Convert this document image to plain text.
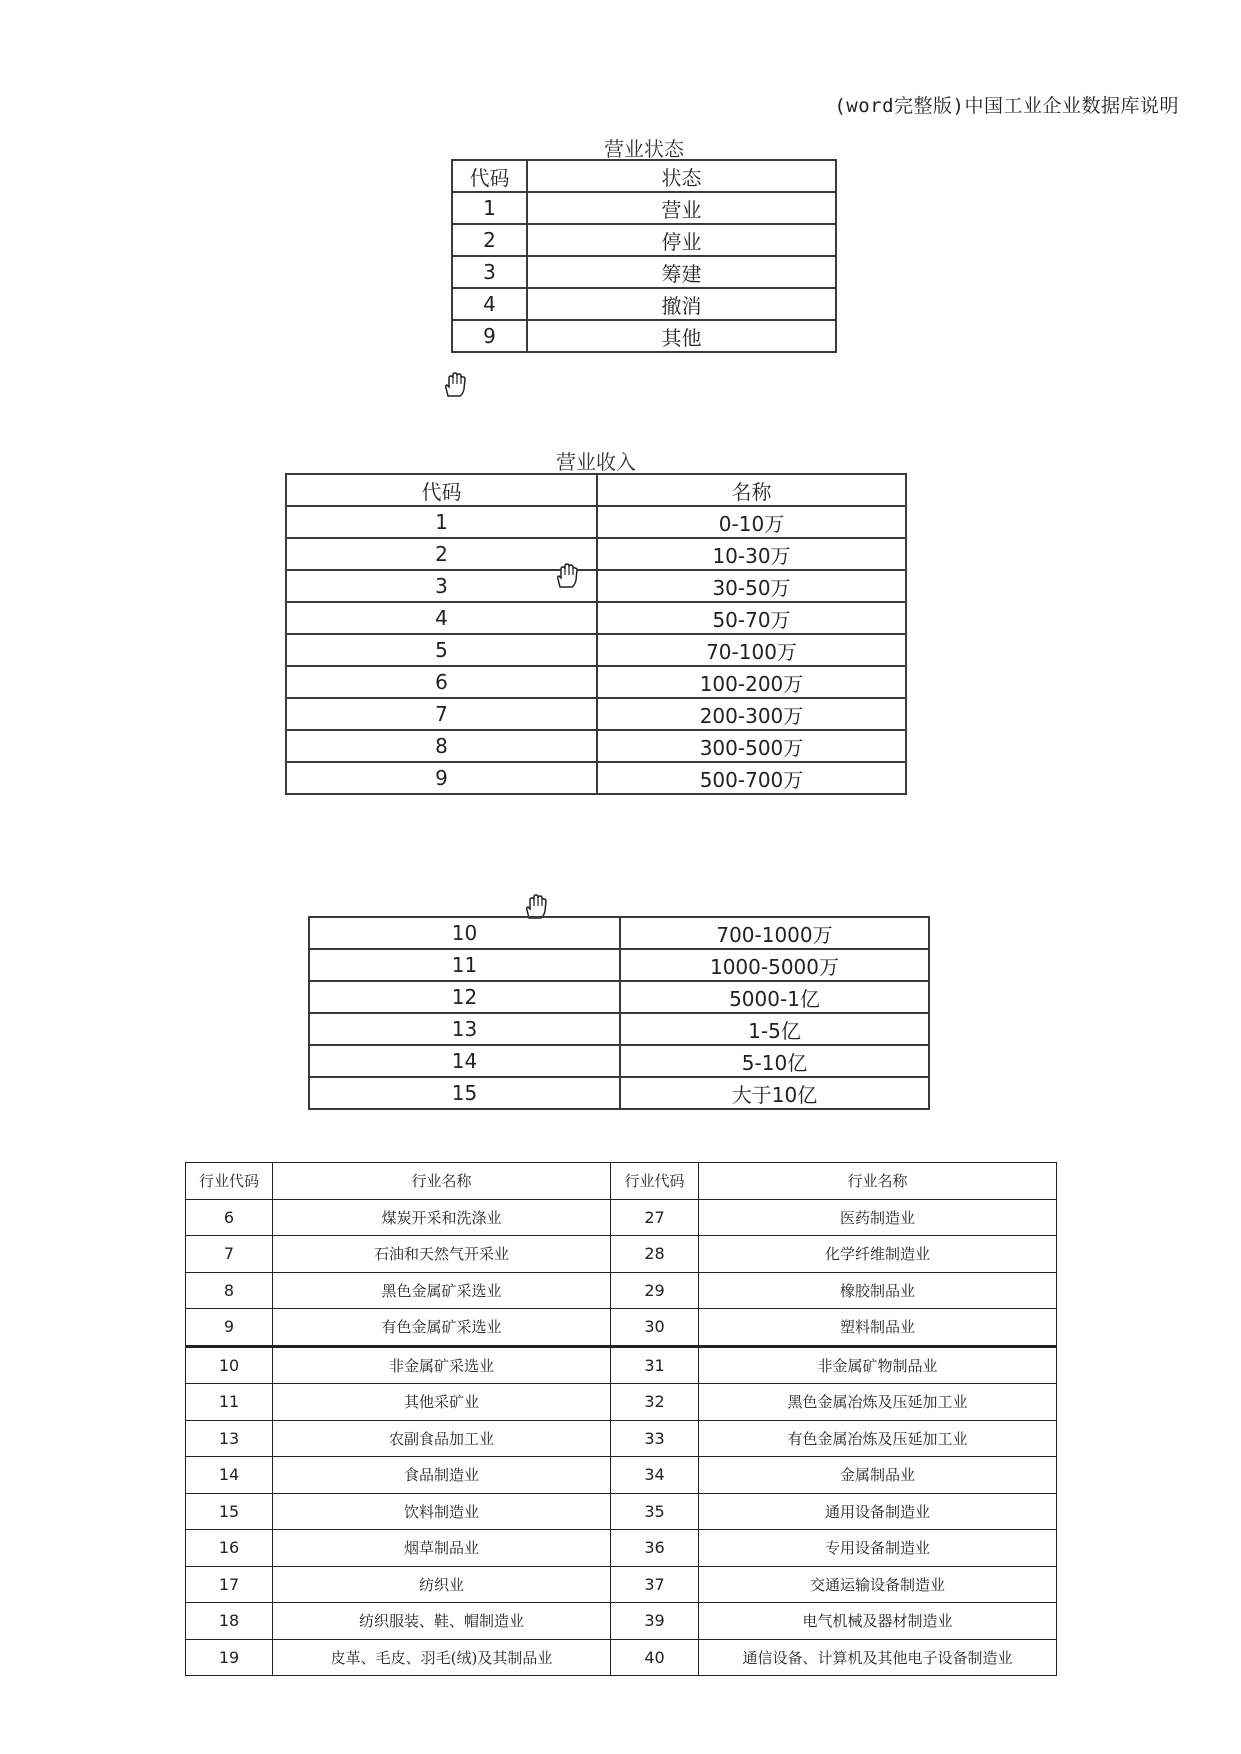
(word完整版)中国工业企业数据库说明
营业状态
代码	状态
1	营业
2	停业
3	筹建
4	撤消
9	其他
营业收入
代码	名称
1	0-10万
2	10-30万
3	30-50万
4	50-70万
5	70-100万
6	100-200万
7	200-300万
8	300-500万
9	500-700万
10	700-1000万
11	1000-5000万
12	5000-1亿
13	1-5亿
14	5-10亿
15	大于10亿
行业代码	行业名称	行业代码	行业名称
6	煤炭开采和洗涤业	27	医药制造业
7	石油和天然气开采业	28	化学纤维制造业
8	黑色金属矿采选业	29	橡胶制品业
9	有色金属矿采选业	30	塑料制品业
10	非金属矿采选业	31	非金属矿物制品业
11	其他采矿业	32	黑色金属冶炼及压延加工业
13	农副食品加工业	33	有色金属冶炼及压延加工业
14	食品制造业	34	金属制品业
15	饮料制造业	35	通用设备制造业
16	烟草制品业	36	专用设备制造业
17	纺织业	37	交通运输设备制造业
18	纺织服装、鞋、帽制造业	39	电气机械及器材制造业
19	皮革、毛皮、羽毛(绒)及其制品业	40	通信设备、计算机及其他电子设备制造业
